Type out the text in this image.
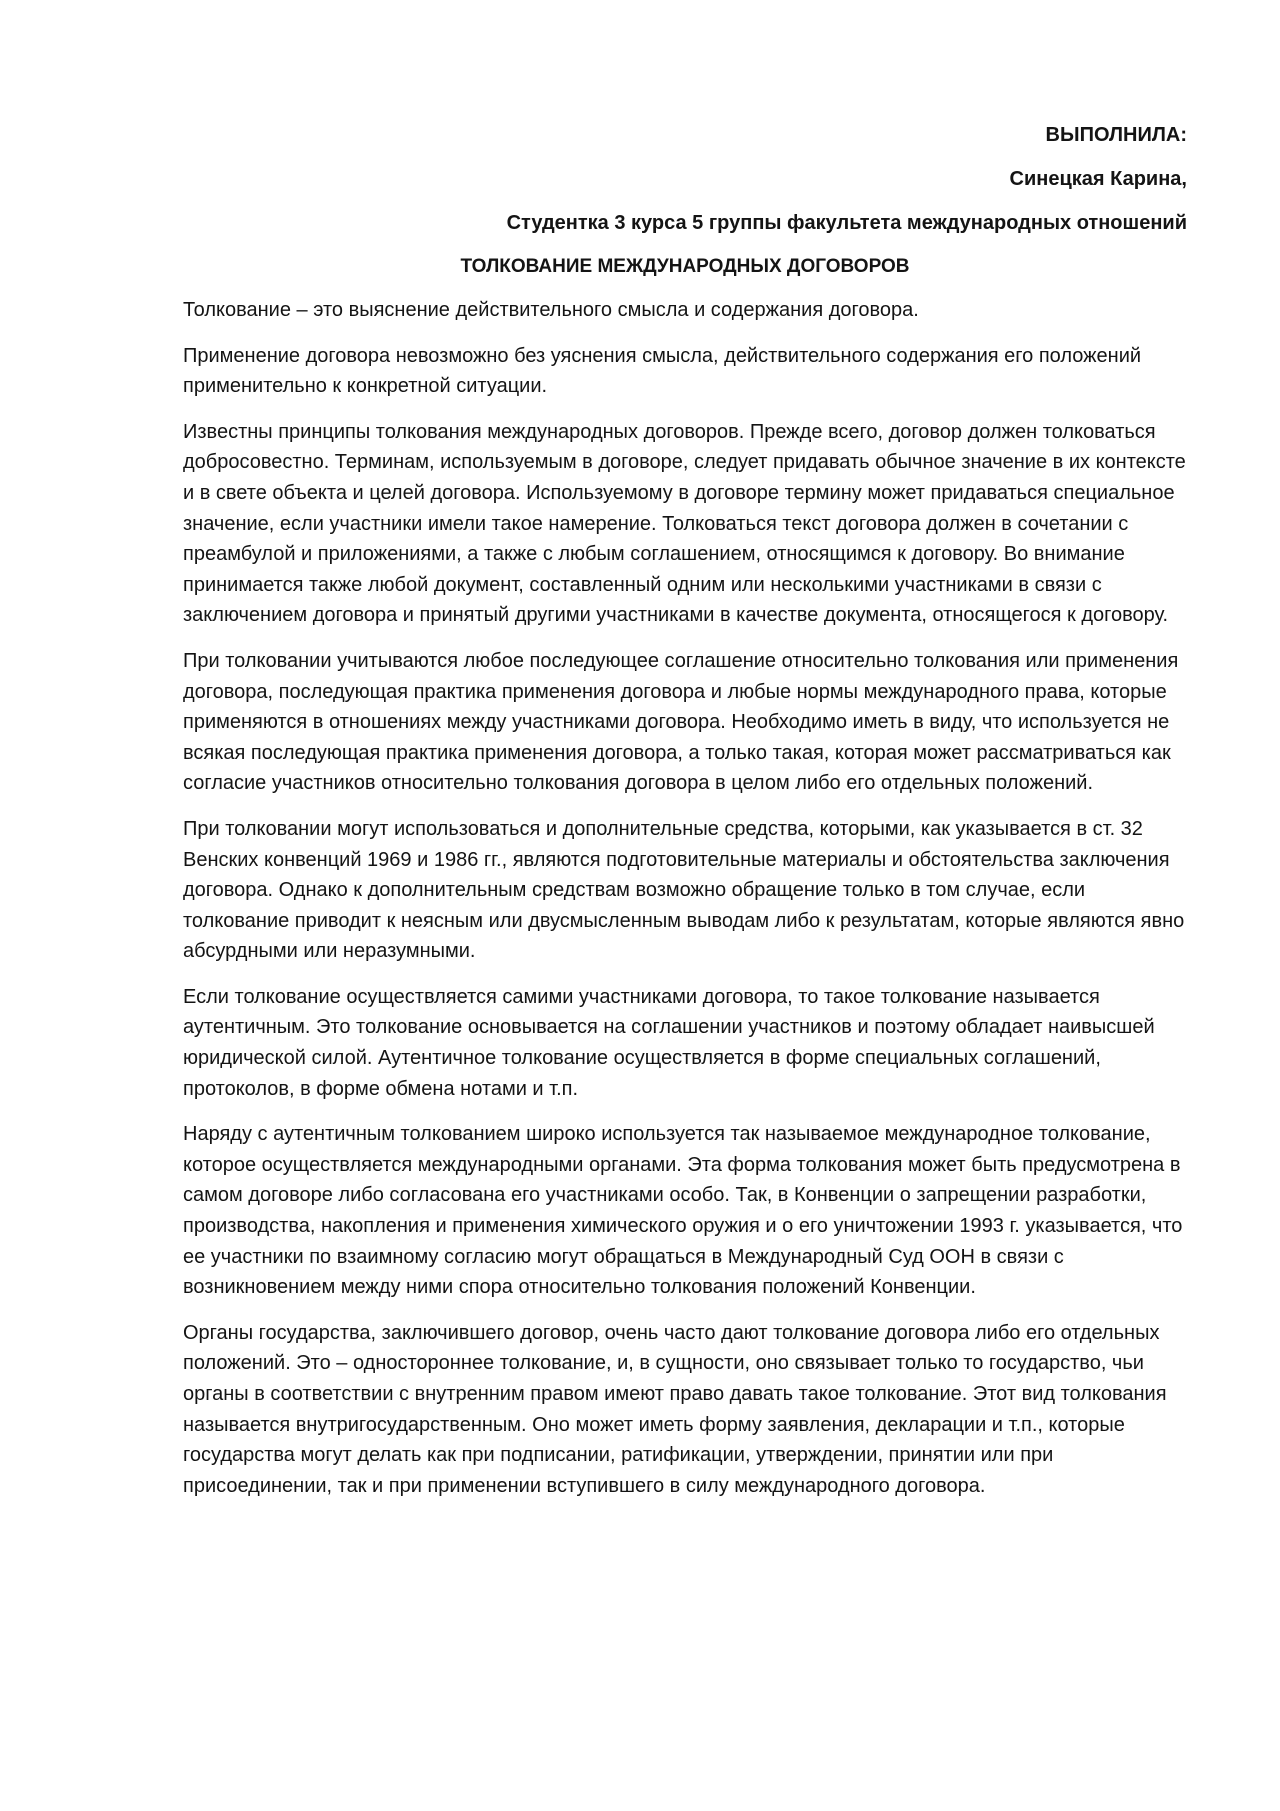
ВЫПОЛНИЛА:

Синецкая Карина,

Студентка 3 курса 5 группы факультета международных отношений

ТОЛКОВАНИЕ МЕЖДУНАРОДНЫХ ДОГОВОРОВ

Толкование – это выяснение действительного смысла и содержания договора.

Применение договора невозможно без уяснения смысла, действительного содержания его положений применительно к конкретной ситуации.

Известны принципы толкования международных договоров. Прежде всего, договор должен толковаться добросовестно. Терминам, используемым в договоре, следует придавать обычное значение в их контексте и в свете объекта и целей договора. Используемому в договоре термину может придаваться специальное значение, если участники имели такое намерение. Толковаться текст договора должен в сочетании с преамбулой и приложениями, а также с любым соглашением, относящимся к договору. Во внимание принимается также любой документ, составленный одним или несколькими участниками в связи с заключением договора и принятый другими участниками в качестве документа, относящегося к договору.

При толковании учитываются любое последующее соглашение относительно толкования или применения договора, последующая практика применения договора и любые нормы международного права, которые применяются в отношениях между участниками договора. Необходимо иметь в виду, что используется не всякая последующая практика применения договора, а только такая, которая может рассматриваться как согласие участников относительно толкования договора в целом либо его отдельных положений.

При толковании могут использоваться и дополнительные средства, которыми, как указывается в ст. 32 Венских конвенций 1969 и 1986 гг., являются подготовительные материалы и обстоятельства заключения договора. Однако к дополнительным средствам возможно обращение только в том случае, если толкование приводит к неясным или двусмысленным выводам либо к результатам, которые являются явно абсурдными или неразумными.

Если толкование осуществляется самими участниками договора, то такое толкование называется аутентичным. Это толкование основывается на соглашении участников и поэтому обладает наивысшей юридической силой. Аутентичное толкование осуществляется в форме специальных соглашений, протоколов, в форме обмена нотами и т.п.

Наряду с аутентичным толкованием широко используется так называемое международное толкование, которое осуществляется международными органами. Эта форма толкования может быть предусмотрена в самом договоре либо согласована его участниками особо. Так, в Конвенции о запрещении разработки, производства, накопления и применения химического оружия и о его уничтожении 1993 г. указывается, что ее участники по взаимному согласию могут обращаться в Международный Суд ООН в связи с возникновением между ними спора относительно толкования положений Конвенции.

Органы государства, заключившего договор, очень часто дают толкование договора либо его отдельных положений. Это – одностороннее толкование, и, в сущности, оно связывает только то государство, чьи органы в соответствии с внутренним правом имеют право давать такое толкование. Этот вид толкования называется внутригосударственным. Оно может иметь форму заявления, декларации и т.п., которые государства могут делать как при подписании, ратификации, утверждении, принятии или при присоединении, так и при применении вступившего в силу международного договора.
